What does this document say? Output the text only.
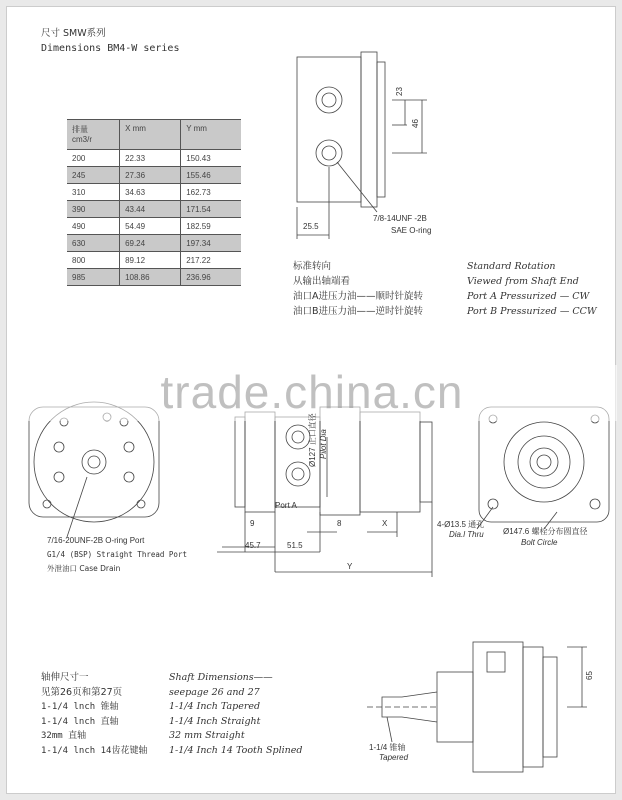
尺寸 SMW系列
Dimensions BM4-W series
排量
cm3/r	X mm	Y mm
200	22.33	150.43
245	27.36	155.46
310	34.63	162.73
390	43.44	171.54
490	54.49	182.59
630	69.24	197.34
800	89.12	217.22
985	108.86	236.96
23
46
25.5
7/8-14UNF -2B
SAE O-ring
标准转向
从输出轴端看
油口A进压力油——顺时针旋转
油口B进压力油——逆时针旋转
Standard Rotation
Viewed from Shaft End
Port A Pressurized — CW
Port B Pressurized — CCW
trade.china.cn
7/16-20UNF-2B O-ring Port
G1/4 (BSP) Straight Thread Port
外泄油口 Case Drain
Ø127 止口直径 Pilot Dia
Port A
9	8	X
45.7	51.5
Y
4-Ø13.5 通孔
Dia.l Thru Ø147.6 螺栓分布圆直径
Bolt Circle
轴伸尺寸一
见第26页和第27页
1-1/4 lnch 锥轴
1-1/4 lnch 直轴
32mm 直轴
1-1/4 lnch 14齿花键轴
Shaft Dimensions——
seepage 26 and 27
1-1/4 Inch Tapered
1-1/4 Inch Straight
32 mm Straight
1-1/4 Inch 14 Tooth Splined	1-1/4 锥轴
Tapered
65
